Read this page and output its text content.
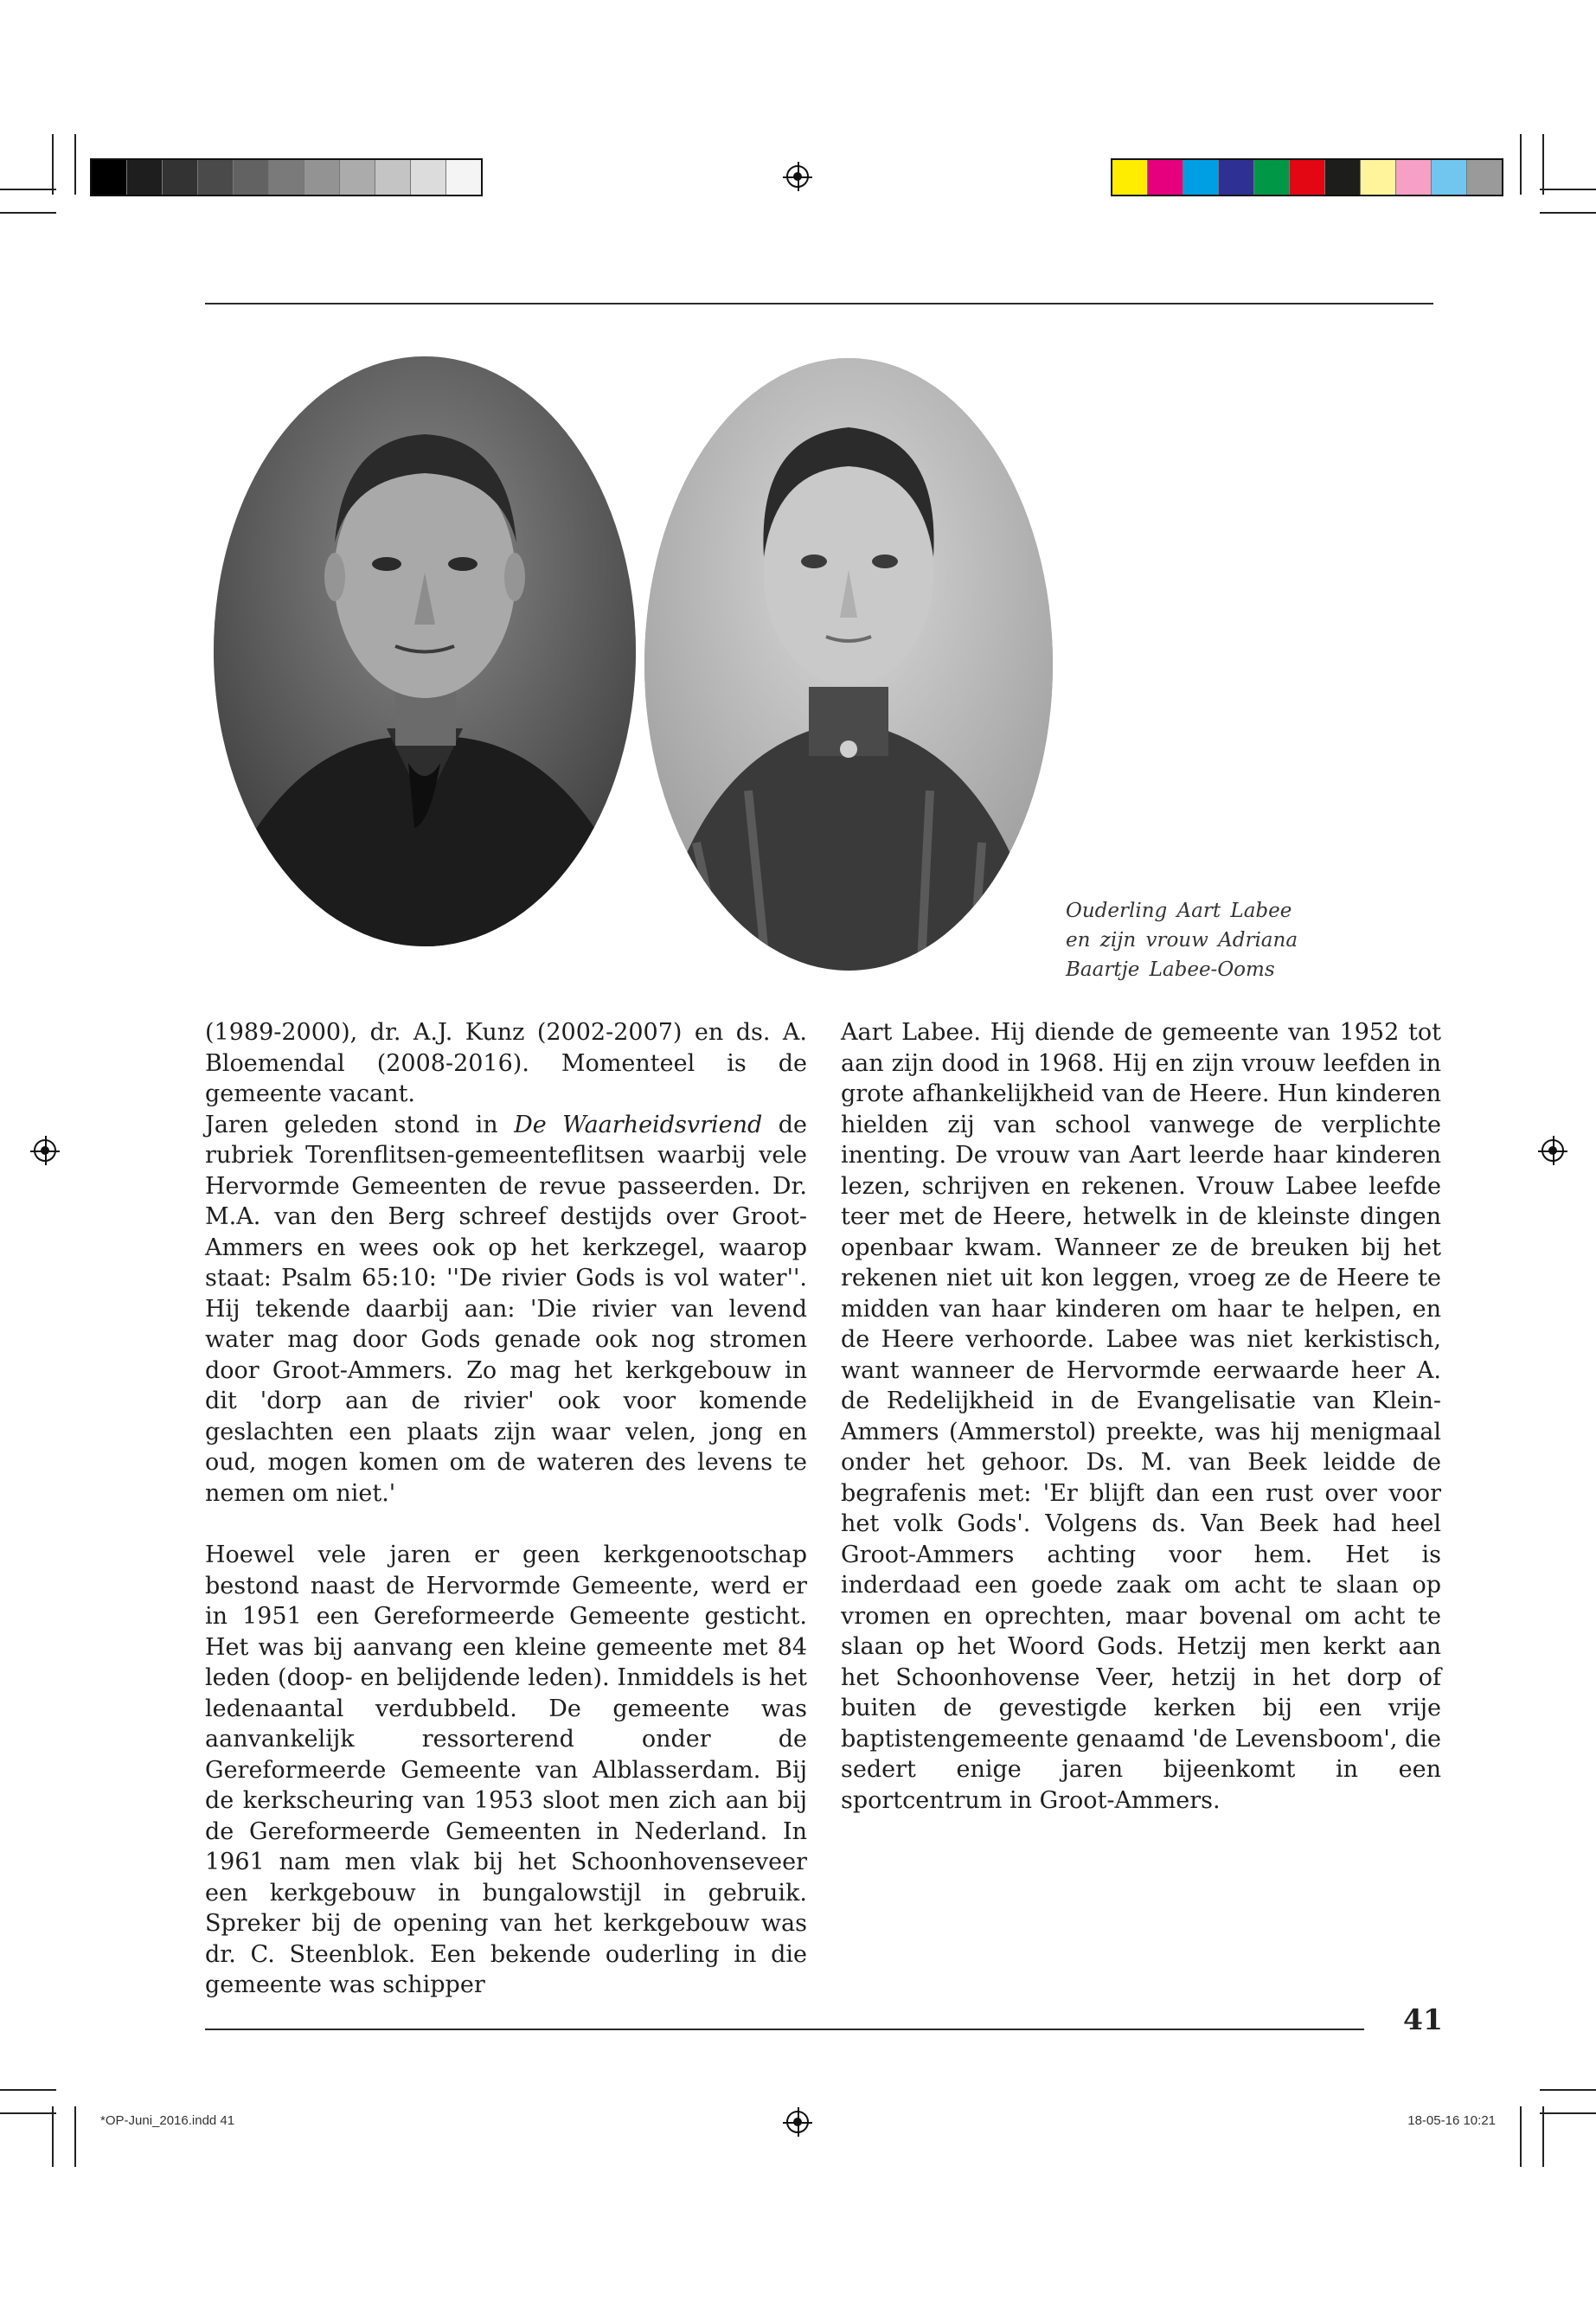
Ouderling Aart Labee
en zijn vrouw Adriana
Baartje Labee-Ooms

(1989-2000), dr. A.J. Kunz (2002-2007) en ds. A. Bloemendal (2008-2016). Momenteel is de gemeente vacant.

Jaren geleden stond in De Waarheidsvriend de rubriek Torenflitsen-gemeenteflitsen waarbij vele Hervormde Gemeenten de revue passeerden. Dr. M.A. van den Berg schreef destijds over Groot-Ammers en wees ook op het kerkzegel, waarop staat: Psalm 65:10: ''De rivier Gods is vol water''. Hij tekende daarbij aan: 'Die rivier van levend water mag door Gods genade ook nog stromen door Groot-Ammers. Zo mag het kerkgebouw in dit 'dorp aan de rivier' ook voor komende geslachten een plaats zijn waar velen, jong en oud, mogen komen om de wateren des levens te nemen om niet.'

Hoewel vele jaren er geen kerkgenootschap bestond naast de Hervormde Gemeente, werd er in 1951 een Gereformeerde Gemeente gesticht. Het was bij aanvang een kleine gemeente met 84 leden (doop- en belijdende leden). Inmiddels is het ledenaantal verdubbeld. De gemeente was aanvankelijk ressorterend onder de Gereformeerde Gemeente van Alblasserdam. Bij de kerkscheuring van 1953 sloot men zich aan bij de Gereformeerde Gemeenten in Nederland. In 1961 nam men vlak bij het Schoonhovenseveer een kerkgebouw in bungalowstijl in gebruik. Spreker bij de opening van het kerkgebouw was dr. C. Steenblok. Een bekende ouderling in die gemeente was schipper

Aart Labee. Hij diende de gemeente van 1952 tot aan zijn dood in 1968. Hij en zijn vrouw leefden in grote afhankelijkheid van de Heere. Hun kinderen hielden zij van school vanwege de verplichte inenting. De vrouw van Aart leerde haar kinderen lezen, schrijven en rekenen. Vrouw Labee leefde teer met de Heere, hetwelk in de kleinste dingen openbaar kwam. Wanneer ze de breuken bij het rekenen niet uit kon leggen, vroeg ze de Heere te midden van haar kinderen om haar te helpen, en de Heere verhoorde. Labee was niet kerkistisch, want wanneer de Hervormde eerwaarde heer A. de Redelijkheid in de Evangelisatie van Klein-Ammers (Ammerstol) preekte, was hij menigmaal onder het gehoor. Ds. M. van Beek leidde de begrafenis met: 'Er blijft dan een rust over voor het volk Gods'. Volgens ds. Van Beek had heel Groot-Ammers achting voor hem. Het is inderdaad een goede zaak om acht te slaan op vromen en oprechten, maar bovenal om acht te slaan op het Woord Gods. Hetzij men kerkt aan het Schoonhovense Veer, hetzij in het dorp of buiten de gevestigde kerken bij een vrije baptistengemeente genaamd 'de Levensboom', die sedert enige jaren bijeenkomt in een sportcentrum in Groot-Ammers.

41
*OP-Juni_2016.indd 41	18-05-16 10:21
